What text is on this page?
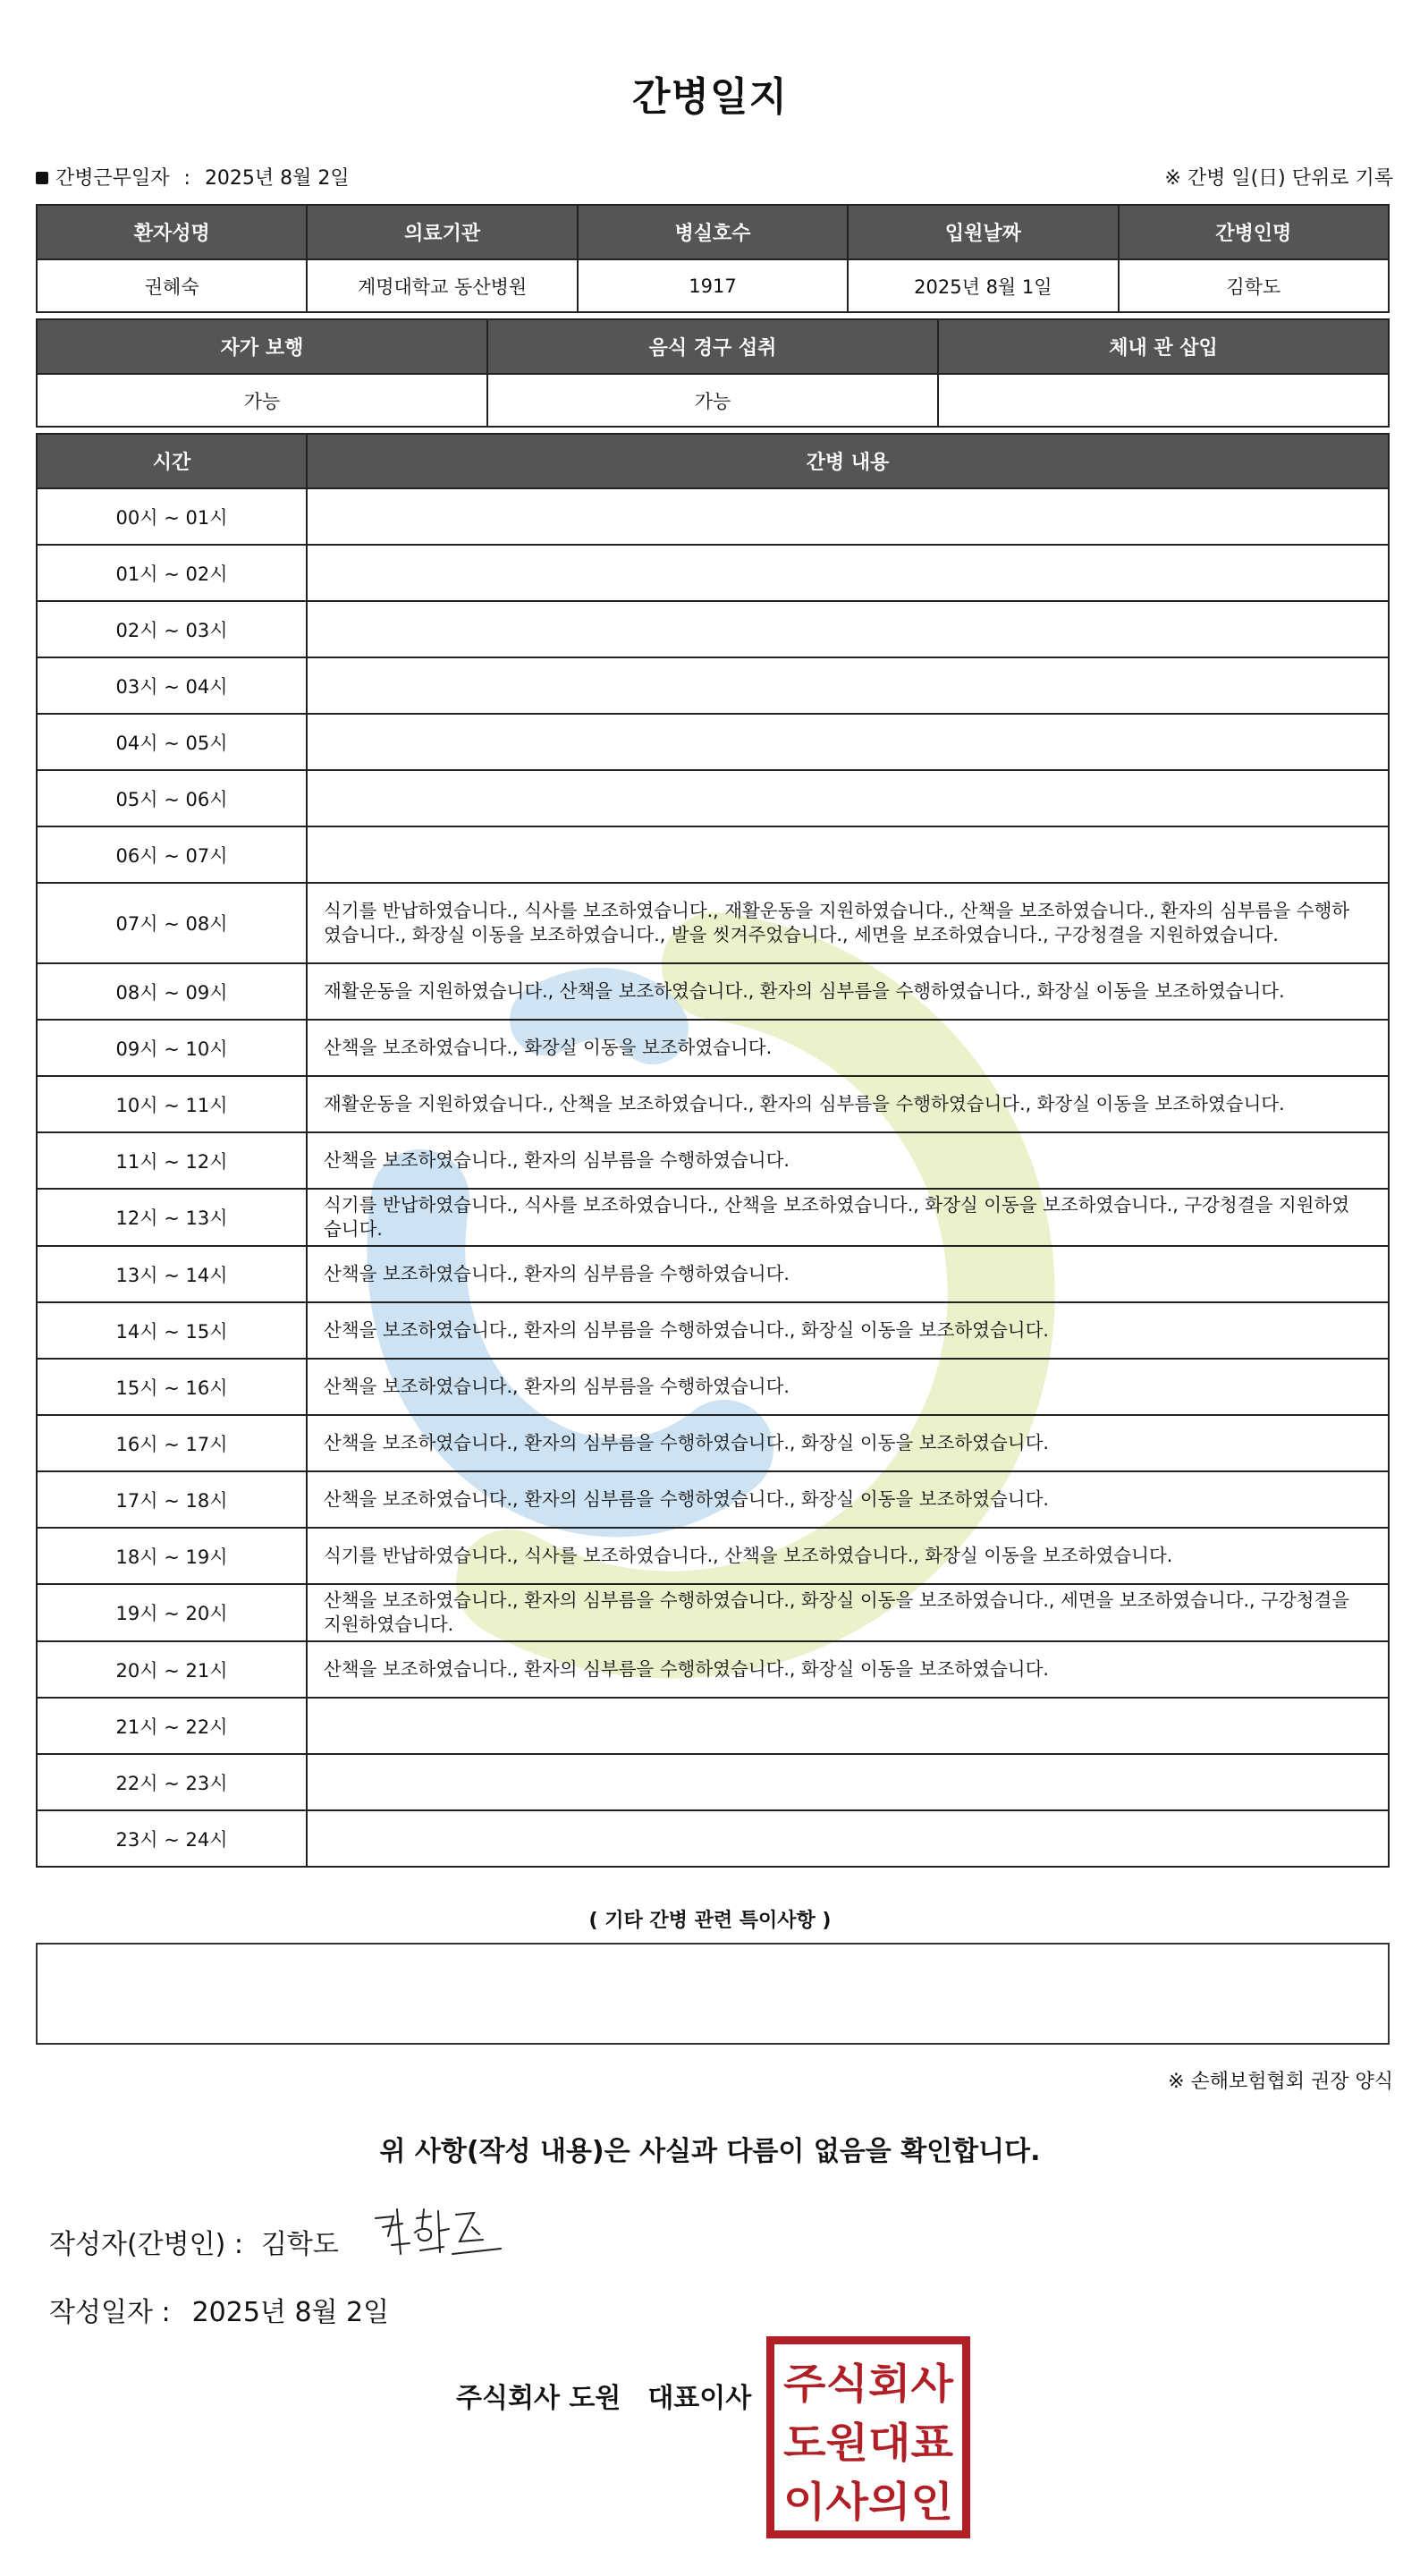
간병일지
간병근무일자 : 2025년 8월 2일	※ 간병 일(日) 단위로 기록
환자성명	의료기관	병실호수	입원날짜	간병인명
권혜숙	계명대학교 동산병원	1917	2025년 8월 1일	김학도
자가 보행	음식 경구 섭취	체내 관 삽입
가능	가능	
시간	간병 내용
00시 ~ 01시	
01시 ~ 02시	
02시 ~ 03시	
03시 ~ 04시	
04시 ~ 05시	
05시 ~ 06시	
06시 ~ 07시	
07시 ~ 08시	식기를 반납하였습니다., 식사를 보조하였습니다., 재활운동을 지원하였습니다., 산책을 보조하였습니다., 환자의 심부름을 수행하였습니다., 화장실 이동을 보조하였습니다., 발을 씻겨주었습니다., 세면을 보조하였습니다., 구강청결을 지원하였습니다.
08시 ~ 09시	재활운동을 지원하였습니다., 산책을 보조하였습니다., 환자의 심부름을 수행하였습니다., 화장실 이동을 보조하였습니다.
09시 ~ 10시	산책을 보조하였습니다., 화장실 이동을 보조하였습니다.
10시 ~ 11시	재활운동을 지원하였습니다., 산책을 보조하였습니다., 환자의 심부름을 수행하였습니다., 화장실 이동을 보조하였습니다.
11시 ~ 12시	산책을 보조하였습니다., 환자의 심부름을 수행하였습니다.
12시 ~ 13시	식기를 반납하였습니다., 식사를 보조하였습니다., 산책을 보조하였습니다., 화장실 이동을 보조하였습니다., 구강청결을 지원하였습니다.
13시 ~ 14시	산책을 보조하였습니다., 환자의 심부름을 수행하였습니다.
14시 ~ 15시	산책을 보조하였습니다., 환자의 심부름을 수행하였습니다., 화장실 이동을 보조하였습니다.
15시 ~ 16시	산책을 보조하였습니다., 환자의 심부름을 수행하였습니다.
16시 ~ 17시	산책을 보조하였습니다., 환자의 심부름을 수행하였습니다., 화장실 이동을 보조하였습니다.
17시 ~ 18시	산책을 보조하였습니다., 환자의 심부름을 수행하였습니다., 화장실 이동을 보조하였습니다.
18시 ~ 19시	식기를 반납하였습니다., 식사를 보조하였습니다., 산책을 보조하였습니다., 화장실 이동을 보조하였습니다.
19시 ~ 20시	산책을 보조하였습니다., 환자의 심부름을 수행하였습니다., 화장실 이동을 보조하였습니다., 세면을 보조하였습니다., 구강청결을 지원하였습니다.
20시 ~ 21시	산책을 보조하였습니다., 환자의 심부름을 수행하였습니다., 화장실 이동을 보조하였습니다.
21시 ~ 22시	
22시 ~ 23시	
23시 ~ 24시	
( 기타 간병 관련 특이사항 )
※ 손해보험협회 권장 양식
위 사항(작성 내용)은 사실과 다름이 없음을 확인합니다.
작성자(간병인) : 김학도
작성일자 : 2025년 8월 2일
주식회사 도원 대표이사 주식회사
도원대표
이사의인
